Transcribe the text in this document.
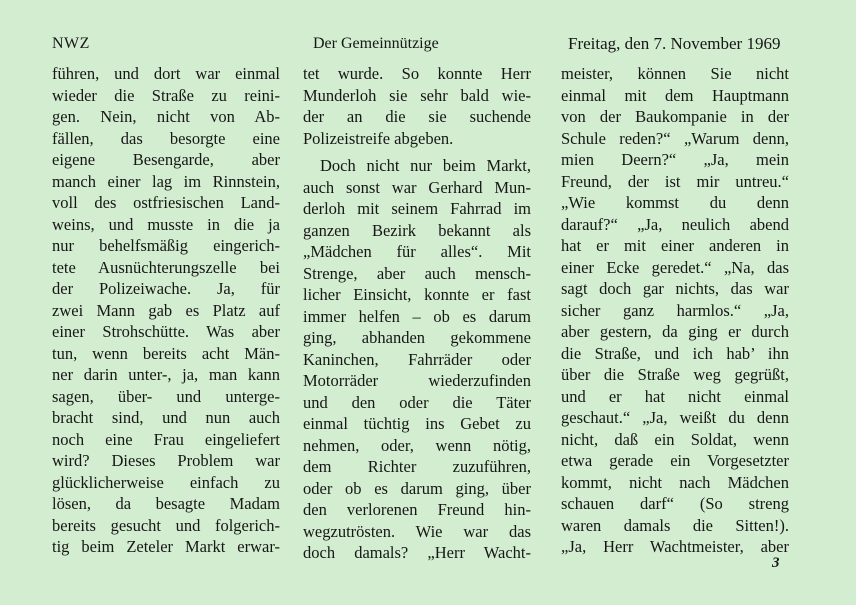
NWZ	Der Gemeinnützige	Freitag, den 7. November 1969
führen, und dort war einmal
wieder die Straße zu reini-
gen. Nein, nicht von Ab-
fällen, das besorgte eine
eigene Besengarde, aber
manch einer lag im Rinnstein,
voll des ostfriesischen Land-
weins, und musste in die ja
nur behelfsmäßig eingerich-
tete Ausnüchterungszelle bei
der Polizeiwache. Ja, für
zwei Mann gab es Platz auf
einer Strohschütte. Was aber
tun, wenn bereits acht Män-
ner darin unter-, ja, man kann
sagen, über- und unterge-
bracht sind, und nun auch
noch eine Frau eingeliefert
wird? Dieses Problem war
glücklicherweise einfach zu
lösen, da besagte Madam
bereits gesucht und folgerich-
tig beim Zeteler Markt erwar-
tet wurde. So konnte Herr
Munderloh sie sehr bald wie-
der an die sie suchende
Polizeistreife abgeben.
Doch nicht nur beim Markt,
auch sonst war Gerhard Mun-
derloh mit seinem Fahrrad im
ganzen Bezirk bekannt als
„Mädchen für alles“. Mit
Strenge, aber auch mensch-
licher Einsicht, konnte er fast
immer helfen – ob es darum
ging, abhanden gekommene
Kaninchen, Fahrräder oder
Motorräder wiederzufinden
und den oder die Täter
einmal tüchtig ins Gebet zu
nehmen, oder, wenn nötig,
dem Richter zuzuführen,
oder ob es darum ging, über
den verlorenen Freund hin-
wegzutrösten. Wie war das
doch damals? „Herr Wacht-
meister, können Sie nicht
einmal mit dem Hauptmann
von der Baukompanie in der
Schule reden?“ „Warum denn,
mien Deern?“ „Ja, mein
Freund, der ist mir untreu.“
„Wie kommst du denn
darauf?“ „Ja, neulich abend
hat er mit einer anderen in
einer Ecke geredet.“ „Na, das
sagt doch gar nichts, das war
sicher ganz harmlos.“ „Ja,
aber gestern, da ging er durch
die Straße, und ich hab’ ihn
über die Straße weg gegrüßt,
und er hat nicht einmal
geschaut.“ „Ja, weißt du denn
nicht, daß ein Soldat, wenn
etwa gerade ein Vorgesetzter
kommt, nicht nach Mädchen
schauen darf“ (So streng
waren damals die Sitten!).
„Ja, Herr Wachtmeister, aber
3
